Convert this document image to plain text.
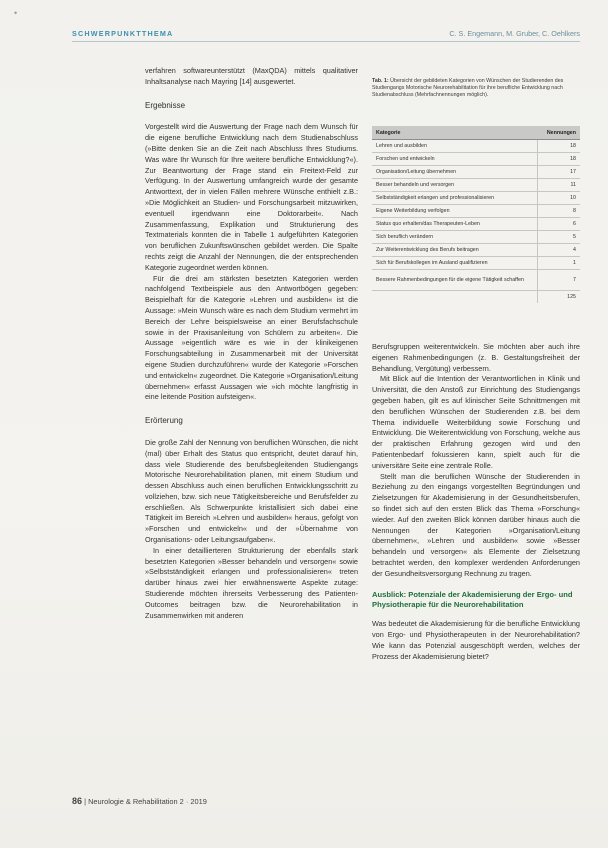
•
SCHWERPUNKTTHEMA	C. S. Engemann, M. Gruber, C. Oehlkers

verfahren softwareunterstützt (MaxQDA) mittels qualitativer Inhaltsanalyse nach Mayring [14] ausgewertet.

Ergebnisse

Vorgestellt wird die Auswertung der Frage nach dem Wunsch für die eigene berufliche Entwicklung nach dem Studienabschluss (»Bitte denken Sie an die Zeit nach Abschluss Ihres Studiums. Was wäre Ihr Wunsch für Ihre weitere berufliche Entwicklung?«). Zur Beantwortung der Frage stand ein Freitext-Feld zur Verfügung. In der Auswertung umfangreich wurde der gesamte Antworttext, der in vielen Fällen mehrere Wünsche enthielt z.B.: »Die Möglichkeit an Studien- und Forschungsarbeit mitzuwirken, eventuell irgendwann eine Doktorarbeit«. Nach Zusammenfassung, Explikation und Strukturierung des Textmaterials konnten die in Tabelle 1 aufgeführten Kategorien von beruflichen Zukunftswünschen gebildet werden. Die Spalte rechts zeigt die Anzahl der Nennungen, die der entsprechenden Kategorie zugeordnet werden können.

Für die drei am stärksten besetzten Kategorien werden nachfolgend Textbeispiele aus den Antwortbögen gegeben: Beispielhaft für die Kategorie »Lehren und ausbilden« ist die Aussage: »Mein Wunsch wäre es nach dem Studium vermehrt im Bereich der Lehre beispielsweise an einer Berufsfachschule sowie in der Praxisanleitung von Schülern zu arbeiten«. Die Aussage »eigentlich wäre es wie in der klinikeigenen Forschungsabteilung in Zusammenarbeit mit der Universität eigene Studien durchzuführen« wurde der Kategorie »Forschen und entwickeln« zugeordnet. Die Kategorie »Organisation/Leitung übernehmen« erfasst Aussagen wie »ich möchte langfristig in eine leitende Position aufsteigen«.

Erörterung

Die große Zahl der Nennung von beruflichen Wünschen, die nicht (mal) über Erhalt des Status quo entspricht, deutet darauf hin, dass viele Studierende des berufsbegleitenden Studiengangs Motorische Neurorehabilitation planen, mit einem Studium und dessen Abschluss auch einen beruflichen Entwicklungsschritt zu vollziehen, bzw. sich neue Tätigkeitsbereiche und Berufsfelder zu erschließen. Als Schwerpunkte kristallisiert sich dabei eine Tätigkeit im Bereich »Lehren und ausbilden« heraus, gefolgt von »Forschen und entwickeln« und der »Übernahme von Organisations- oder Leitungsaufgaben«.

In einer detaillierteren Strukturierung der ebenfalls stark besetzten Kategorien »Besser behandeln und versorgen« sowie »Selbstständigkeit erlangen und professionalisieren« treten darüber hinaus zwei hier erwähnenswerte Aspekte zutage: Studierende möchten ihrerseits Verbesserung des Patienten-Outcomes beitragen bzw. die Neurorehabilitation in Zusammenwirken mit anderen

Tab. 1: Übersicht der gebildeten Kategorien von Wünschen der Studierenden des Studiengangs Motorische Neurorehabilitation für ihre berufliche Entwicklung nach Studienabschluss (Mehrfachnennungen möglich).
Kategorie	Nennungen
Lehren und ausbilden	18
Forschen und entwickeln	18
Organisation/Leitung übernehmen	17
Besser behandeln und versorgen	11
Selbstständigkeit erlangen und professionalisieren	10
Eigene Weiterbildung verfolgen	8
Status quo erhalten/das Therapeuten-Leben	6
Sich beruflich verändern	5
Zur Weiterentwicklung des Berufs beitragen	4
Sich für Berufskollegen im Ausland qualifizieren	1
Bessere Rahmenbedingungen für die eigene Tätigkeit schaffen	7
	125

Berufsgruppen weiterentwickeln. Sie möchten aber auch ihre eigenen Rahmenbedingungen (z. B. Gestaltungsfreiheit der Behandlung, Vergütung) verbessern.

Mit Blick auf die Intention der Verantwortlichen in Klinik und Universität, die den Anstoß zur Einrichtung des Studiengangs gegeben haben, gilt es auf klinischer Seite Schnittmengen mit den beruflichen Wünschen der Studierenden z.B. bei dem Thema individuelle Weiterbildung sowie Forschung und Entwicklung. Die Weiterentwicklung von Forschung, welche aus der praktischen Erfahrung gezogen wird und den Patientenbedarf fokussieren kann, spielt auch für die universitäre Seite eine zentrale Rolle.

Stellt man die beruflichen Wünsche der Studierenden in Beziehung zu den eingangs vorgestellten Begründungen und Zielsetzungen für Akademisierung in der Gesundheitsberufen, so findet sich auf den ersten Blick das Thema »Forschung« wieder. Auf den zweiten Blick können darüber hinaus auch die Nennungen der Kategorien »Organisation/Leitung übernehmen«, »Lehren und ausbilden« sowie »Besser behandeln und versorgen« als Elemente der Zielsetzung betrachtet werden, den komplexer werdenden Anforderungen der Gesundheitsversorgung Rechnung zu tragen.

Ausblick: Potenziale der Akademisierung der Ergo- und Physiotherapie für die Neurorehabilitation

Was bedeutet die Akademisierung für die berufliche Entwicklung von Ergo- und Physiotherapeuten in der Neurorehabilitation? Wie kann das Potenzial ausgeschöpft werden, welches der Prozess der Akademisierung bietet?

86 | Neurologie & Rehabilitation 2 · 2019
